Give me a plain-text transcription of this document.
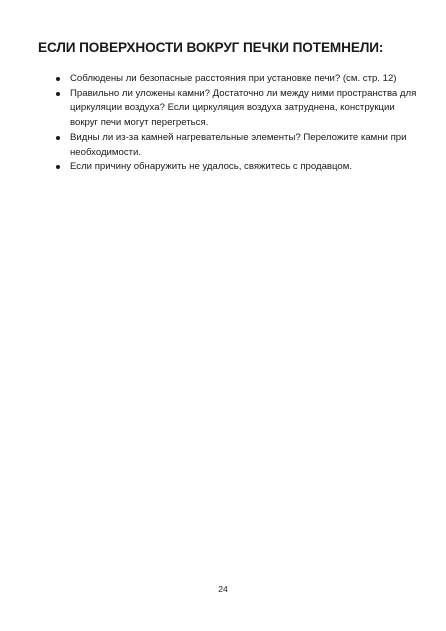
ЕСЛИ ПОВЕРХНОСТИ ВОКРУГ ПЕЧКИ ПОТЕМНЕЛИ:
Соблюдены ли безопасные расстояния при установке печи? (см. стр. 12)
Правильно ли уложены камни? Достаточно ли между ними пространства для циркуляции воздуха? Если циркуляция воздуха затруднена, конструкции вокруг печи могут перегреться.
Видны ли из-за камней нагревательные элементы? Переложите камни при необходимости.
Если причину обнаружить не удалось, свяжитесь с продавцом.
24
